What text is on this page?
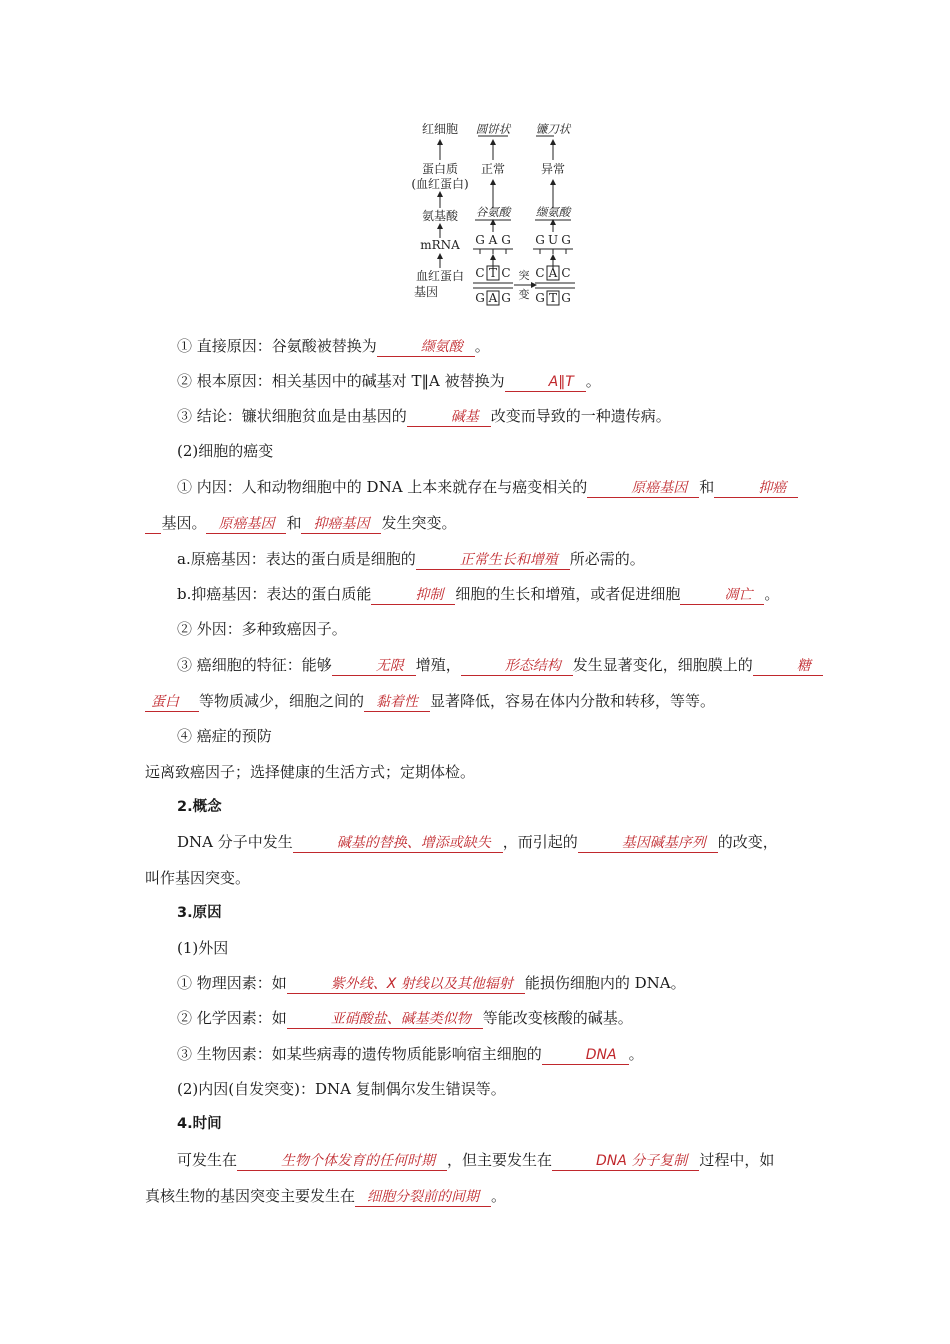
红细胞
蛋白质
(血红蛋白)
氨基酸
mRNA
血红蛋白
基因
圆饼状
正常
谷氨酸
G A G
C T C
G A G
突
变
镰刀状
异常
缬氨酸
G U G
C A C
G T G
① 直接原因：谷氨酸被替换为	缬氨酸 。
② 根本原因：相关基因中的碱基对 T‖A 被替换为	A‖T 。
③ 结论：镰状细胞贫血是由基因的	碱基 改变而导致的一种遗传病。
(2)细胞的癌变
① 内因：人和动物细胞中的 DNA 上本来就存在与癌变相关的	原癌基因 和	抑癌
基因。 原癌基因 和 抑癌基因 发生突变。
a.原癌基因：表达的蛋白质是细胞的	正常生长和增殖 所必需的。
b.抑癌基因：表达的蛋白质能	抑制 细胞的生长和增殖，或者促进细胞	凋亡 。
② 外因：多种致癌因子。
③ 癌细胞的特征：能够	无限 增殖，	形态结构 发生显著变化，细胞膜上的	糖
蛋白 等物质减少，细胞之间的 黏着性 显著降低，容易在体内分散和转移，等等。
④ 癌症的预防
远离致癌因子；选择健康的生活方式；定期体检。
2.概念
DNA 分子中发生	碱基的替换、增添或缺失 ，而引起的	基因碱基序列 的改变，
叫作基因突变。
3.原因
(1)外因
① 物理因素：如	紫外线、X 射线以及其他辐射 能损伤细胞内的 DNA。
② 化学因素：如	亚硝酸盐、碱基类似物 等能改变核酸的碱基。
③ 生物因素：如某些病毒的遗传物质能影响宿主细胞的	DNA 。
(2)内因(自发突变)：DNA 复制偶尔发生错误等。
4.时间
可发生在	生物个体发育的任何时期 ，但主要发生在	DNA 分子复制 过程中，如
真核生物的基因突变主要发生在 细胞分裂前的间期 。
